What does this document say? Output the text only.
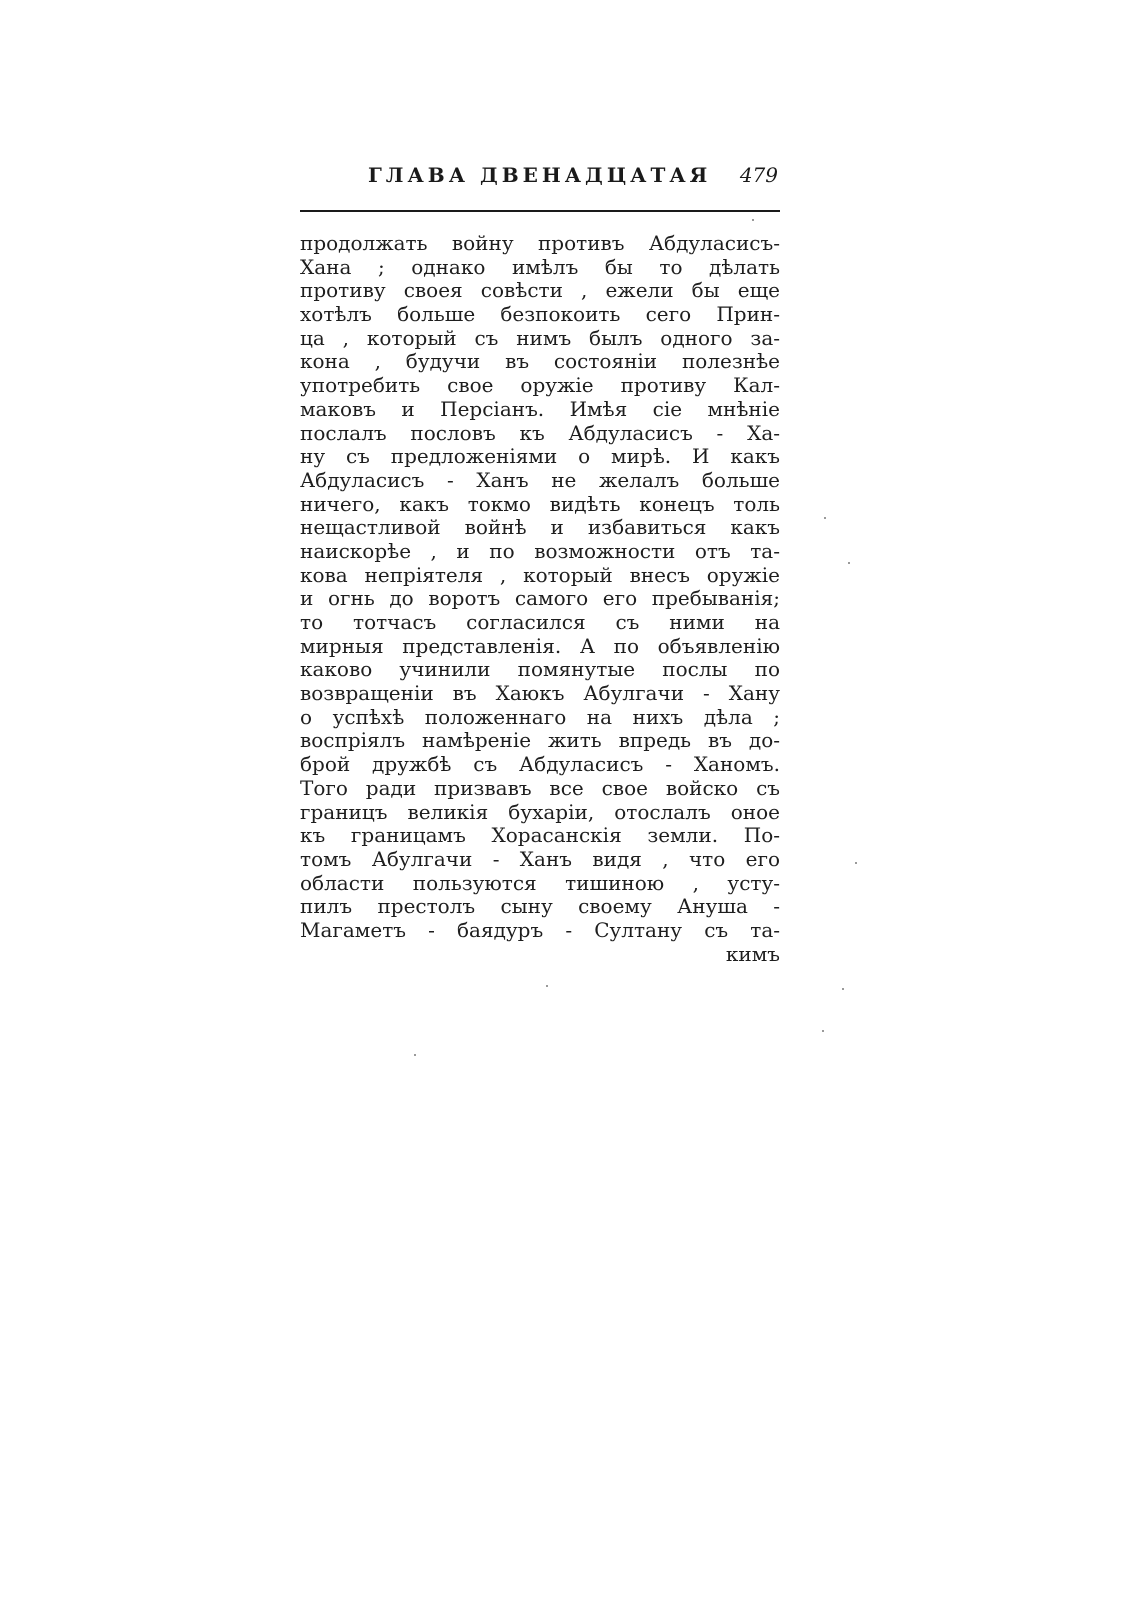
ГЛАВА ДВЕНАДЦАТАЯ 479
продолжать войну противъ Абдуласисъ-
Хана ; однако имѣлъ бы то дѣлать
противу своея совѣсти , ежели бы еще
хотѣлъ больше безпокоить сего Прин-
ца , который съ нимъ былъ одного за-
кона , будучи въ состояніи полезнѣе
употребить свое оружіе противу Кал-
маковъ и Персіанъ. Имѣя сіе мнѣніе
послалъ пословъ къ Абдуласисъ - Ха-
ну съ предложеніями о мирѣ. И какъ
Абдуласисъ - Ханъ не желалъ больше
ничего, какъ токмо видѣть конецъ толь
нещастливой войнѣ и избавиться какъ
наискорѣе , и по возможности отъ та-
кова непріятеля , который внесъ оружіе
и огнь до воротъ самого его пребыванія;
то тотчасъ согласился съ ними на
мирныя представленія. А по объявленію
каково учинили помянутые послы по
возвращеніи въ Хаюкъ Абулгачи - Хану
о успѣхѣ положеннаго на нихъ дѣла ;
воспріялъ намѣреніе жить впредь въ до-
брой дружбѣ съ Абдуласисъ - Ханомъ.
Того ради призвавъ все свое войско съ
границъ великія бухаріи, отослалъ оное
къ границамъ Хорасанскія земли. По-
томъ Абулгачи - Ханъ видя , что его
области пользуются тишиною , усту-
пилъ престолъ сыну своему Ануша -
Магаметъ - баядуръ - Султану съ та-
кимъ
